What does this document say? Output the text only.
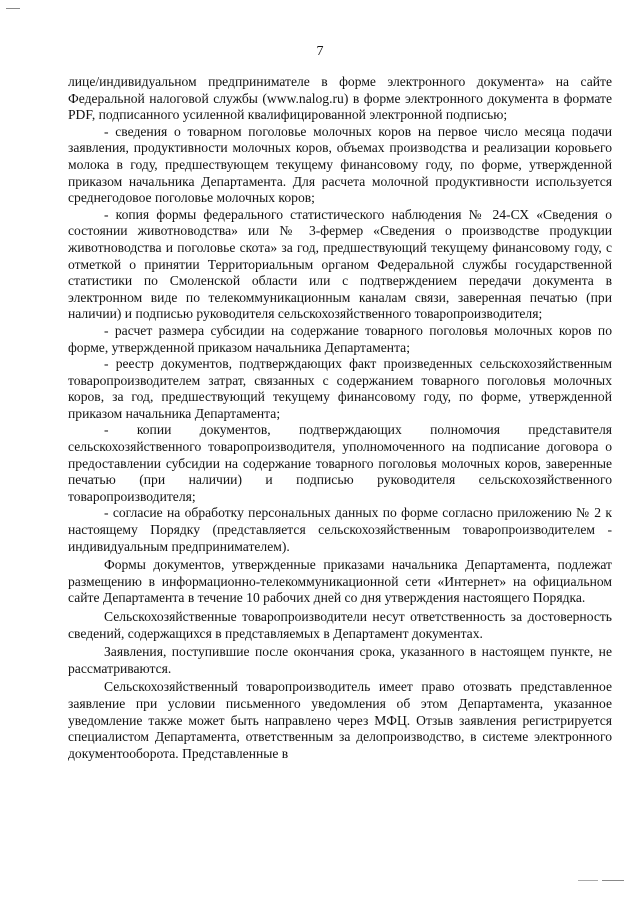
7

лице/индивидуальном предпринимателе в форме электронного документа» на сайте Федеральной налоговой службы (www.nalog.ru) в форме электронного документа в формате PDF, подписанного усиленной квалифицированной электронной подписью;

- сведения о товарном поголовье молочных коров на первое число месяца подачи заявления, продуктивности молочных коров, объемах производства и реализации коровьего молока в году, предшествующем текущему финансовому году, по форме, утвержденной приказом начальника Департамента. Для расчета молочной продуктивности используется среднегодовое поголовье молочных коров;

- копия формы федерального статистического наблюдения № 24-СХ «Сведения о состоянии животноводства» или № 3-фермер «Сведения о производстве продукции животноводства и поголовье скота» за год, предшествующий текущему финансовому году, с отметкой о принятии Территориальным органом Федеральной службы государственной статистики по Смоленской области или с подтверждением передачи документа в электронном виде по телекоммуникационным каналам связи, заверенная печатью (при наличии) и подписью руководителя сельскохозяйственного товаропроизводителя;

- расчет размера субсидии на содержание товарного поголовья молочных коров по форме, утвержденной приказом начальника Департамента;

- реестр документов, подтверждающих факт произведенных сельскохозяйственным товаропроизводителем затрат, связанных с содержанием товарного поголовья молочных коров, за год, предшествующий текущему финансовому году, по форме, утвержденной приказом начальника Департамента;

- копии документов, подтверждающих полномочия представителя сельскохозяйственного товаропроизводителя, уполномоченного на подписание договора о предоставлении субсидии на содержание товарного поголовья молочных коров, заверенные печатью (при наличии) и подписью руководителя сельскохозяйственного товаропроизводителя;

- согласие на обработку персональных данных по форме согласно приложению № 2 к настоящему Порядку (представляется сельскохозяйственным товаропроизводителем - индивидуальным предпринимателем).

Формы документов, утвержденные приказами начальника Департамента, подлежат размещению в информационно-телекоммуникационной сети «Интернет» на официальном сайте Департамента в течение 10 рабочих дней со дня утверждения настоящего Порядка.

Сельскохозяйственные товаропроизводители несут ответственность за достоверность сведений, содержащихся в представляемых в Департамент документах.

Заявления, поступившие после окончания срока, указанного в настоящем пункте, не рассматриваются.

Сельскохозяйственный товаропроизводитель имеет право отозвать представленное заявление при условии письменного уведомления об этом Департамента, указанное уведомление также может быть направлено через МФЦ. Отзыв заявления регистрируется специалистом Департамента, ответственным за делопроизводство, в системе электронного документооборота. Представленные в
